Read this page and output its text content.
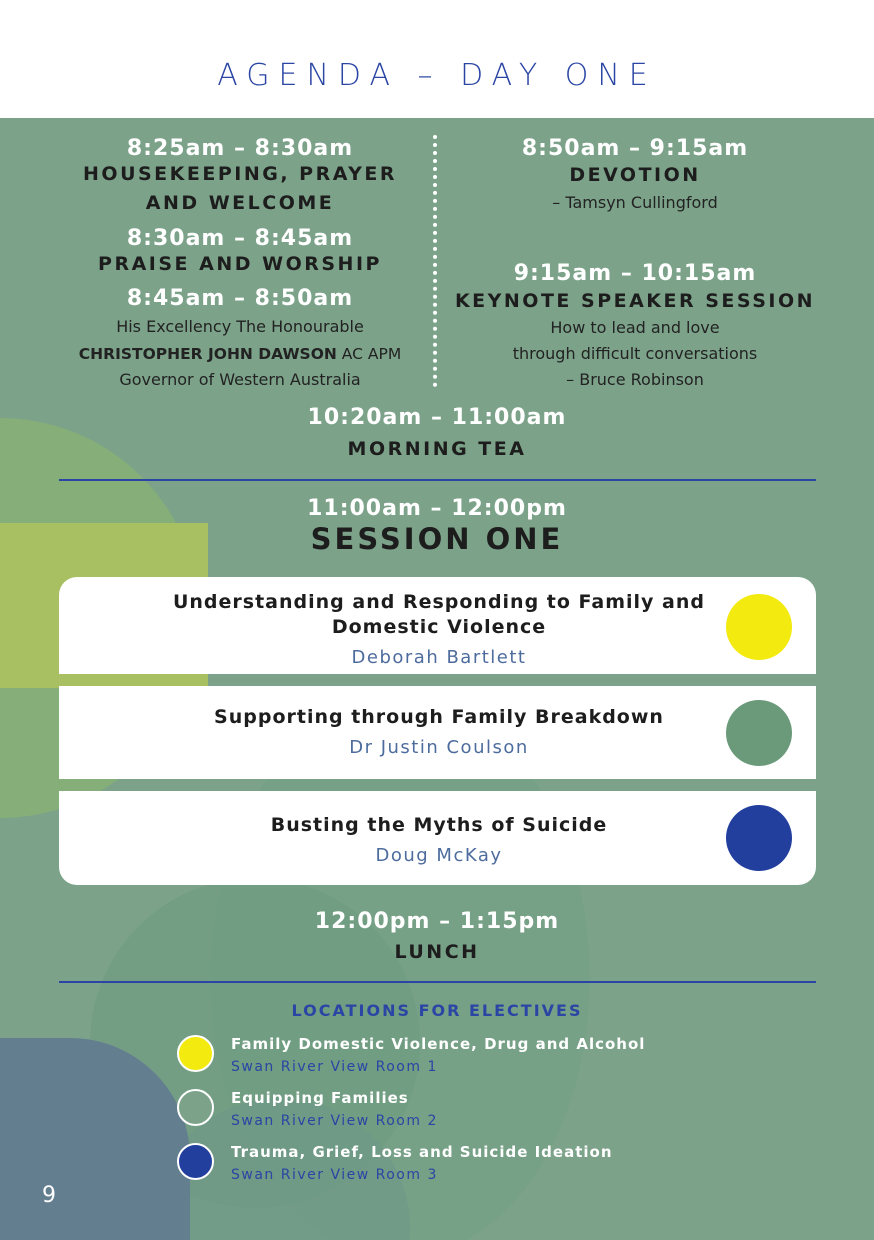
AGENDA – DAY ONE
8:25am – 8:30am
HOUSEKEEPING, PRAYER
AND WELCOME
8:30am – 8:45am
PRAISE AND WORSHIP
8:45am – 8:50am
His Excellency The Honourable
CHRISTOPHER JOHN DAWSON AC APM
Governor of Western Australia
8:50am – 9:15am
DEVOTION
– Tamsyn Cullingford
9:15am – 10:15am
KEYNOTE SPEAKER SESSION
How to lead and love
through difficult conversations
– Bruce Robinson
10:20am – 11:00am
MORNING TEA
11:00am – 12:00pm
SESSION ONE
Understanding and Responding to Family and
Domestic Violence
Deborah Bartlett
Supporting through Family Breakdown
Dr Justin Coulson
Busting the Myths of Suicide
Doug McKay
12:00pm – 1:15pm
LUNCH
LOCATIONS FOR ELECTIVES
Family Domestic Violence, Drug and Alcohol
Swan River View Room 1
Equipping Families
Swan River View Room 2
Trauma, Grief, Loss and Suicide Ideation
Swan River View Room 3
9
